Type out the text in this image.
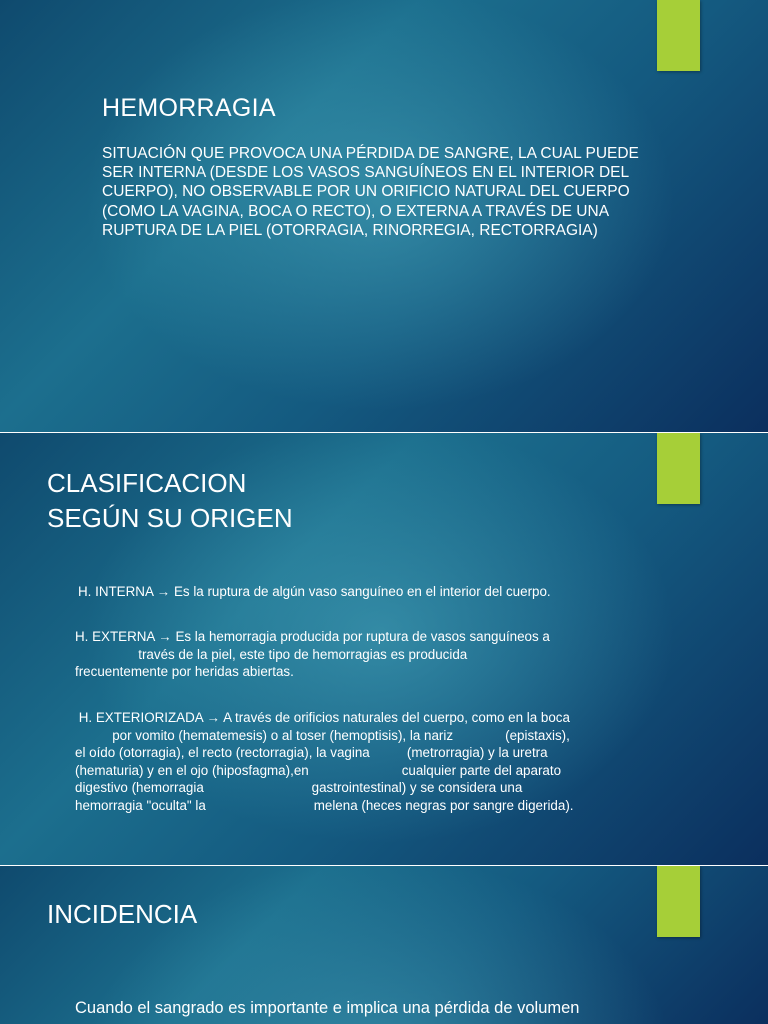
HEMORRAGIA

SITUACIÓN QUE PROVOCA UNA PÉRDIDA DE SANGRE, LA CUAL PUEDE SER INTERNA (DESDE LOS VASOS SANGUÍNEOS EN EL INTERIOR DEL CUERPO), NO OBSERVABLE POR UN ORIFICIO NATURAL DEL CUERPO (COMO LA VAGINA, BOCA O RECTO), O EXTERNA A TRAVÉS DE UNA RUPTURA DE LA PIEL (OTORRAGIA, RINORREGIA, RECTORRAGIA)

CLASIFICACION
SEGÚN SU ORIGEN

H. INTERNA → Es la ruptura de algún vaso sanguíneo en el interior del cuerpo.

H. EXTERNA → Es la hemorragia producida por ruptura de vasos sanguíneos a
través de la piel, este tipo de hemorragias es producida
frecuentemente por heridas abiertas.

H. EXTERIORIZADA → A través de orificios naturales del cuerpo, como en la boca
por vomito (hematemesis) o al toser (hemoptisis), la nariz              (epistaxis),
el oído (otorragia), el recto (rectorragia), la vagina          (metrorragia) y la uretra
(hematuria) y en el ojo (hiposfagma),en                         cualquier parte del aparato
digestivo (hemorragia                             gastrointestinal) y se considera una
hemorragia "oculta" la                             melena (heces negras por sangre digerida).

INCIDENCIA

Cuando el sangrado es importante e implica una pérdida de volumen
